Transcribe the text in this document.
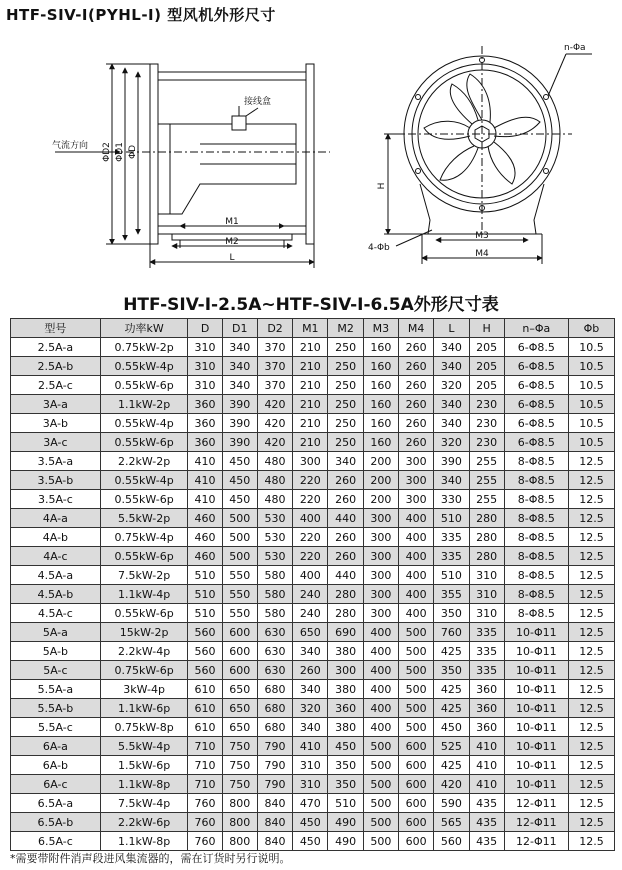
HTF-SIV-I(PYHL-I) 型风机外形尺寸
气流方向
接线盒
ΦD2 ΦD1 ΦD
M1
M2
L
n-Φa
H
4-Φb
M3
M4
HTF-SIV-I-2.5A~HTF-SIV-I-6.5A外形尺寸表
型号	功率kW	D	D1	D2	M1	M2	M3	M4	L	H	n–Φa	Φb
2.5A-a	0.75kW-2p	310	340	370	210	250	160	260	340	205	6-Φ8.5	10.5
2.5A-b	0.55kW-4p	310	340	370	210	250	160	260	340	205	6-Φ8.5	10.5
2.5A-c	0.55kW-6p	310	340	370	210	250	160	260	320	205	6-Φ8.5	10.5
3A-a	1.1kW-2p	360	390	420	210	250	160	260	340	230	6-Φ8.5	10.5
3A-b	0.55kW-4p	360	390	420	210	250	160	260	340	230	6-Φ8.5	10.5
3A-c	0.55kW-6p	360	390	420	210	250	160	260	320	230	6-Φ8.5	10.5
3.5A-a	2.2kW-2p	410	450	480	300	340	200	300	390	255	8-Φ8.5	12.5
3.5A-b	0.55kW-4p	410	450	480	220	260	200	300	340	255	8-Φ8.5	12.5
3.5A-c	0.55kW-6p	410	450	480	220	260	200	300	330	255	8-Φ8.5	12.5
4A-a	5.5kW-2p	460	500	530	400	440	300	400	510	280	8-Φ8.5	12.5
4A-b	0.75kW-4p	460	500	530	220	260	300	400	335	280	8-Φ8.5	12.5
4A-c	0.55kW-6p	460	500	530	220	260	300	400	335	280	8-Φ8.5	12.5
4.5A-a	7.5kW-2p	510	550	580	400	440	300	400	510	310	8-Φ8.5	12.5
4.5A-b	1.1kW-4p	510	550	580	240	280	300	400	355	310	8-Φ8.5	12.5
4.5A-c	0.55kW-6p	510	550	580	240	280	300	400	350	310	8-Φ8.5	12.5
5A-a	15kW-2p	560	600	630	650	690	400	500	760	335	10-Φ11	12.5
5A-b	2.2kW-4p	560	600	630	340	380	400	500	425	335	10-Φ11	12.5
5A-c	0.75kW-6p	560	600	630	260	300	400	500	350	335	10-Φ11	12.5
5.5A-a	3kW-4p	610	650	680	340	380	400	500	425	360	10-Φ11	12.5
5.5A-b	1.1kW-6p	610	650	680	320	360	400	500	425	360	10-Φ11	12.5
5.5A-c	0.75kW-8p	610	650	680	340	380	400	500	450	360	10-Φ11	12.5
6A-a	5.5kW-4p	710	750	790	410	450	500	600	525	410	10-Φ11	12.5
6A-b	1.5kW-6p	710	750	790	310	350	500	600	425	410	10-Φ11	12.5
6A-c	1.1kW-8p	710	750	790	310	350	500	600	420	410	10-Φ11	12.5
6.5A-a	7.5kW-4p	760	800	840	470	510	500	600	590	435	12-Φ11	12.5
6.5A-b	2.2kW-6p	760	800	840	450	490	500	600	565	435	12-Φ11	12.5
6.5A-c	1.1kW-8p	760	800	840	450	490	500	600	560	435	12-Φ11	12.5
*需要带附件消声段进风集流器的，需在订货时另行说明。
